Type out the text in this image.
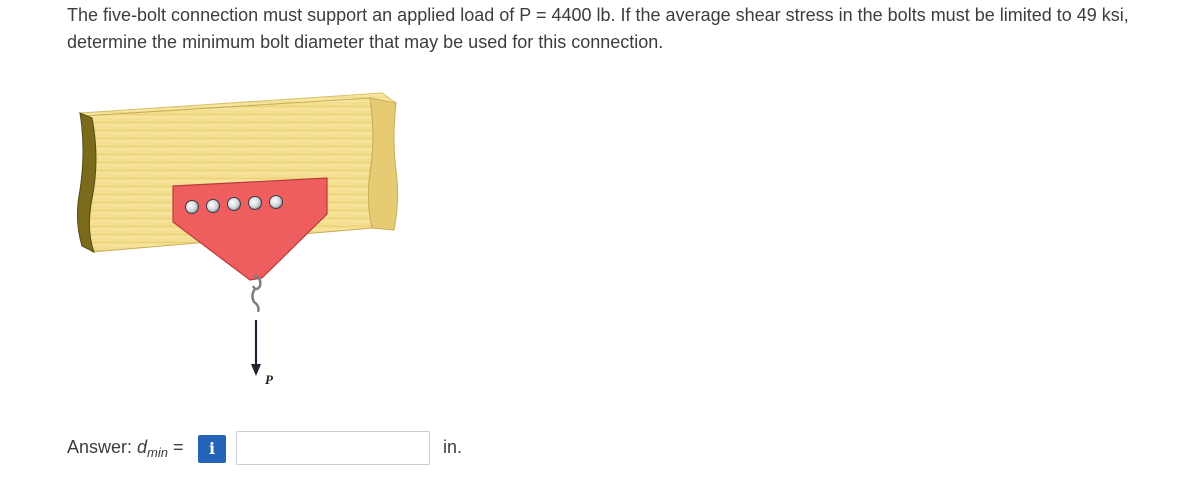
The five-bolt connection must support an applied load of P = 4400 lb. If the average shear stress in the bolts must be limited to 49 ksi,
determine the minimum bolt diameter that may be used for this connection.
P
Answer: $d_{min}$ =	i	in.
